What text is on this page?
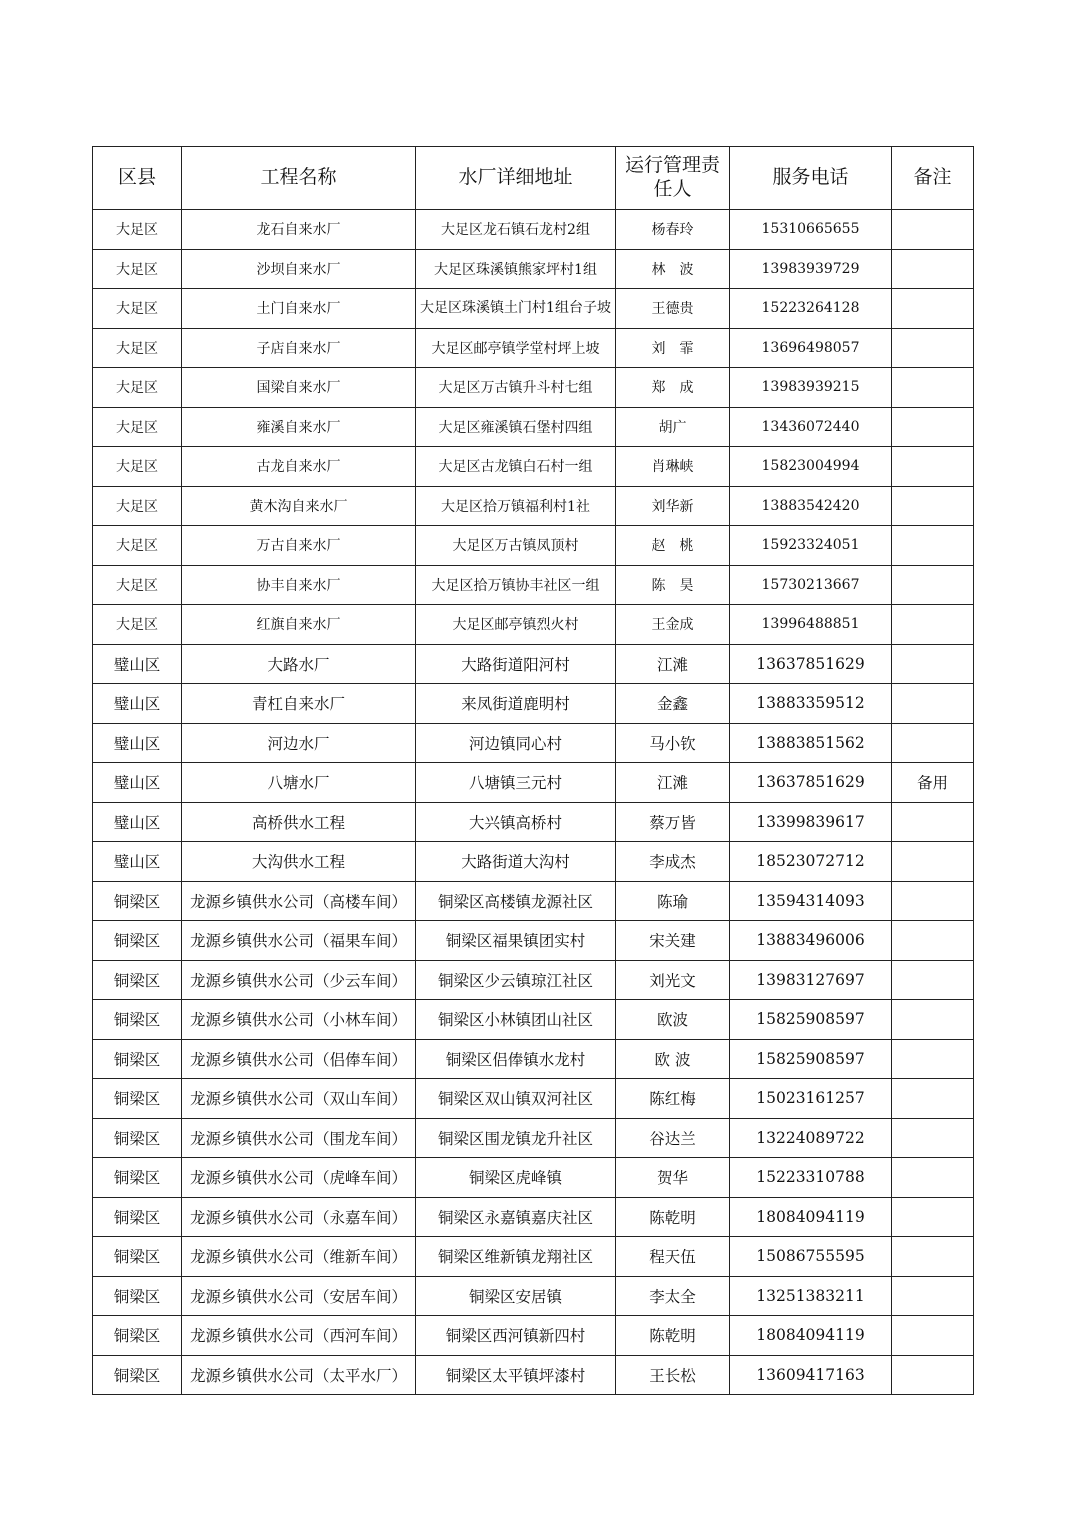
区县	工程名称	水厂详细地址	运行管理责任人	服务电话	备注
大足区	龙石自来水厂	大足区龙石镇石龙村2组	杨春玲	15310665655	
大足区	沙坝自来水厂	大足区珠溪镇熊家坪村1组	林　波	13983939729	
大足区	土门自来水厂	大足区珠溪镇土门村1组台子坡	王德贵	15223264128	
大足区	子店自来水厂	大足区邮亭镇学堂村坪上坡	刘　霏	13696498057	
大足区	国梁自来水厂	大足区万古镇升斗村七组	郑　成	13983939215	
大足区	雍溪自来水厂	大足区雍溪镇石堡村四组	胡广	13436072440	
大足区	古龙自来水厂	大足区古龙镇白石村一组	肖琳峡	15823004994	
大足区	黄木沟自来水厂	大足区拾万镇福利村1社	刘华新	13883542420	
大足区	万古自来水厂	大足区万古镇凤顶村	赵　桃	15923324051	
大足区	协丰自来水厂	大足区拾万镇协丰社区一组	陈　昊	15730213667	
大足区	红旗自来水厂	大足区邮亭镇烈火村	王金成	13996488851	
璧山区	大路水厂	大路街道阳河村	江滩	13637851629	
璧山区	青杠自来水厂	来凤街道鹿明村	金鑫	13883359512	
璧山区	河边水厂	河边镇同心村	马小钦	13883851562	
璧山区	八塘水厂	八塘镇三元村	江滩	13637851629	备用
璧山区	高桥供水工程	大兴镇高桥村	蔡万皆	13399839617	
璧山区	大沟供水工程	大路街道大沟村	李成杰	18523072712	
铜梁区	龙源乡镇供水公司（高楼车间）	铜梁区高楼镇龙源社区	陈瑜	13594314093	
铜梁区	龙源乡镇供水公司（福果车间）	铜梁区福果镇团实村	宋关建	13883496006	
铜梁区	龙源乡镇供水公司（少云车间）	铜梁区少云镇琼江社区	刘光文	13983127697	
铜梁区	龙源乡镇供水公司（小林车间）	铜梁区小林镇团山社区	欧波	15825908597	
铜梁区	龙源乡镇供水公司（侣俸车间）	铜梁区侣俸镇水龙村	欧 波	15825908597	
铜梁区	龙源乡镇供水公司（双山车间）	铜梁区双山镇双河社区	陈红梅	15023161257	
铜梁区	龙源乡镇供水公司（围龙车间）	铜梁区围龙镇龙升社区	谷达兰	13224089722	
铜梁区	龙源乡镇供水公司（虎峰车间）	铜梁区虎峰镇	贺华	15223310788	
铜梁区	龙源乡镇供水公司（永嘉车间）	铜梁区永嘉镇嘉庆社区	陈乾明	18084094119	
铜梁区	龙源乡镇供水公司（维新车间）	铜梁区维新镇龙翔社区	程天伍	15086755595	
铜梁区	龙源乡镇供水公司（安居车间）	铜梁区安居镇	李太全	13251383211	
铜梁区	龙源乡镇供水公司（西河车间）	铜梁区西河镇新四村	陈乾明	18084094119	
铜梁区	龙源乡镇供水公司（太平水厂）	铜梁区太平镇坪漆村	王长松	13609417163	
